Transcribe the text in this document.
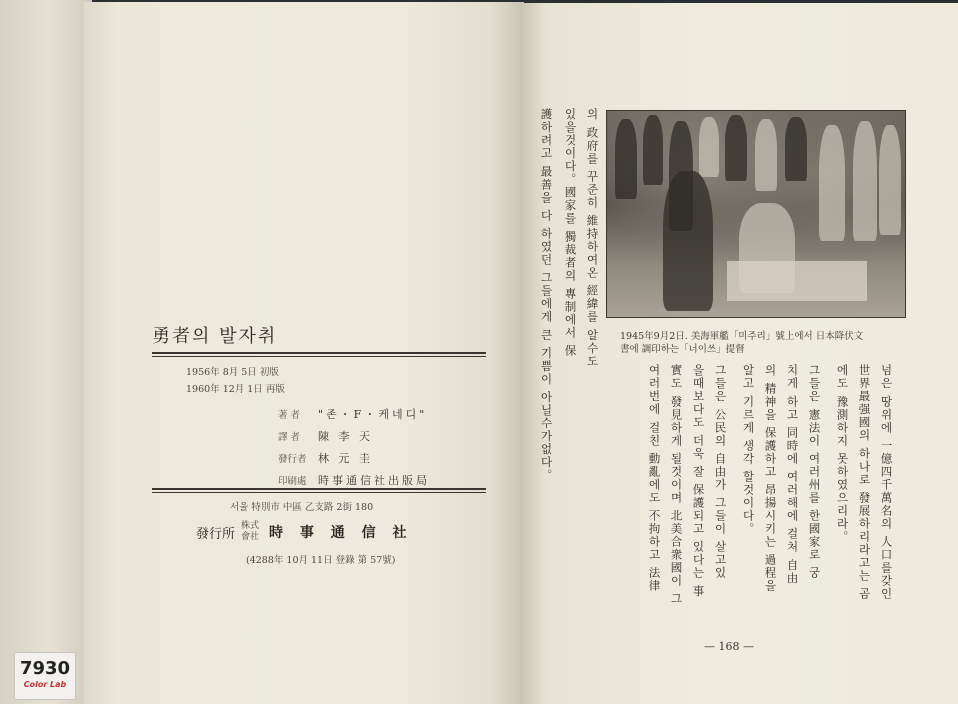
勇者의 발자취
1956年 8月 5日 初版
1960年 12月 1日 再版
著 者	"존・F・케네디"
譯 者	陳 李 天
發行者	林 元 圭
印刷處	時事通信社出版局
서울 特別市 中區 乙支路 2街 180
發行所
株式
會社 時 事 通 信 社
(4288年 10月 11日 登錄 第 57號)
1945年9月2日. 美海軍艦「미주리」號上에서 日本降伏文
書에 調印하는「너이쓰」提督
넘은 땅위에 一億四千萬名의 人口를갖인
世界最强國의 하나로 發展하리라고는 곰
에도 豫測하지 못하였으리라。
그들은 憲法이 여러州를 한國家로 궁
치게 하고 同時에 여러해에 걸처 自由
의 精神을 保護하고 昂揚시키는 過程을
알고 기르게 생각 할것이다。
그들은 公民의 自由가 그들이 살고있
을때보다도 더욱 잘 保護되고 있다는 事
實도 發見하게 될것이며 北美合衆國이 그
여러번에 걸친 動亂에도 不拘하고 法律
의 政府를 꾸준히 維持하여온 經緯를 알수도
있을것이다。國家를 獨裁者의 專制에서 保
護하려고 最善을 다 하였던 그들에게 큰 기쁨이 아닐수가없다。
— 168 —
7930
Color Lab
